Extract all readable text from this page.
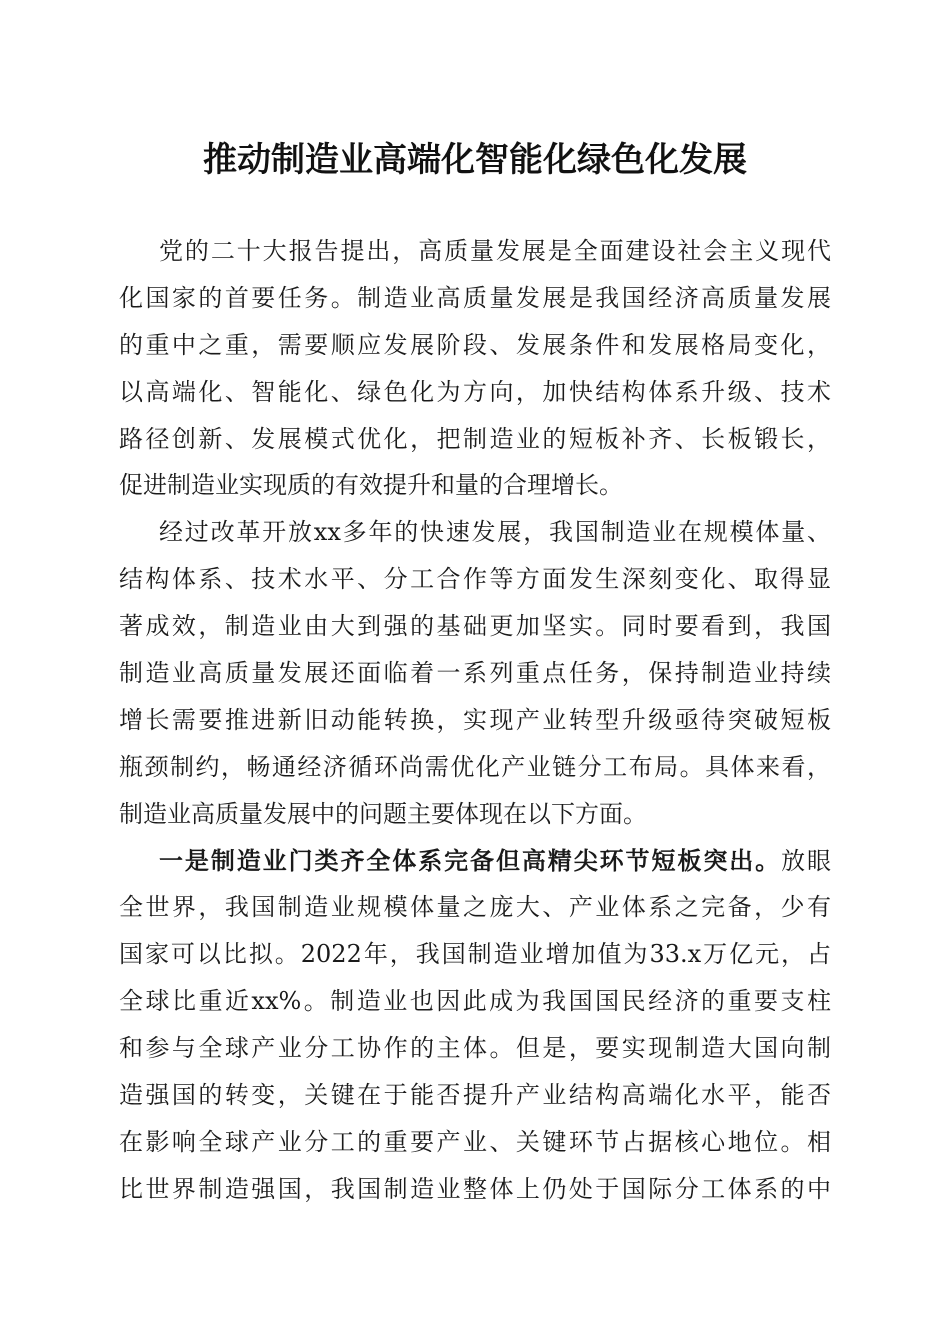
推动制造业高端化智能化绿色化发展
党的二十大报告提出，高质量发展是全面建设社会主义现代
化国家的首要任务。制造业高质量发展是我国经济高质量发展
的重中之重，需要顺应发展阶段、发展条件和发展格局变化，
以高端化、智能化、绿色化为方向，加快结构体系升级、技术
路径创新、发展模式优化，把制造业的短板补齐、长板锻长，
促进制造业实现质的有效提升和量的合理增长。
经过改革开放xx多年的快速发展，我国制造业在规模体量、
结构体系、技术水平、分工合作等方面发生深刻变化、取得显
著成效，制造业由大到强的基础更加坚实。同时要看到，我国
制造业高质量发展还面临着一系列重点任务，保持制造业持续
增长需要推进新旧动能转换，实现产业转型升级亟待突破短板
瓶颈制约，畅通经济循环尚需优化产业链分工布局。具体来看，
制造业高质量发展中的问题主要体现在以下方面。
一是制造业门类齐全体系完备但高精尖环节短板突出。放眼
全世界，我国制造业规模体量之庞大、产业体系之完备，少有
国家可以比拟。2022年，我国制造业增加值为33.x万亿元，占
全球比重近xx%。制造业也因此成为我国国民经济的重要支柱
和参与全球产业分工协作的主体。但是，要实现制造大国向制
造强国的转变，关键在于能否提升产业结构高端化水平，能否
在影响全球产业分工的重要产业、关键环节占据核心地位。相
比世界制造强国，我国制造业整体上仍处于国际分工体系的中
